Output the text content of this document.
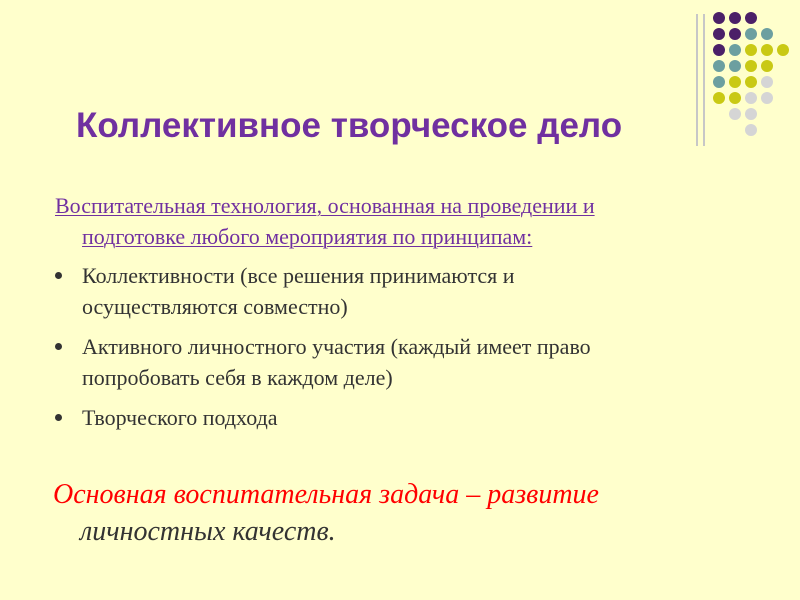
Коллективное творческое дело
Воспитательная технология, основанная на проведении и
подготовке любого мероприятия по принципам:
Коллективности (все решения принимаются и
осуществляются совместно)
Активного личностного участия (каждый имеет право
попробовать себя в каждом деле)
Творческого подхода
Основная воспитательная задача – развитие
личностных качеств.
